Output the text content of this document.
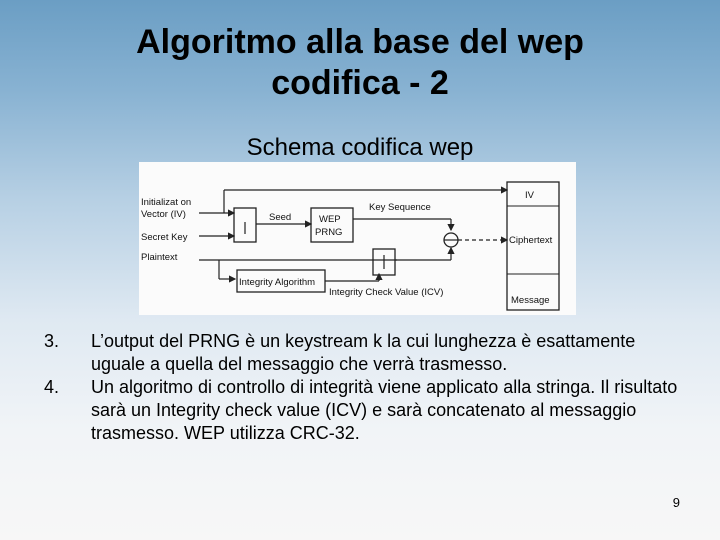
Algoritmo alla base del wep
codifica - 2
Schema codifica wep
Initializat on
Vector (IV)
Secret Key
Plaintext
Seed	WEP
PRNG
Key Sequence
Integrity Algorithm
Integrity Check Value (ICV)
IV
Ciphertext
Message
3.	L’output del PRNG è un keystream k la cui lunghezza è esattamente uguale a quella del messaggio che verrà trasmesso.
4.	Un algoritmo di controllo di integrità viene applicato alla stringa. Il risultato sarà un Integrity check value (ICV) e sarà concatenato al messaggio trasmesso. WEP utilizza CRC-32.
9
